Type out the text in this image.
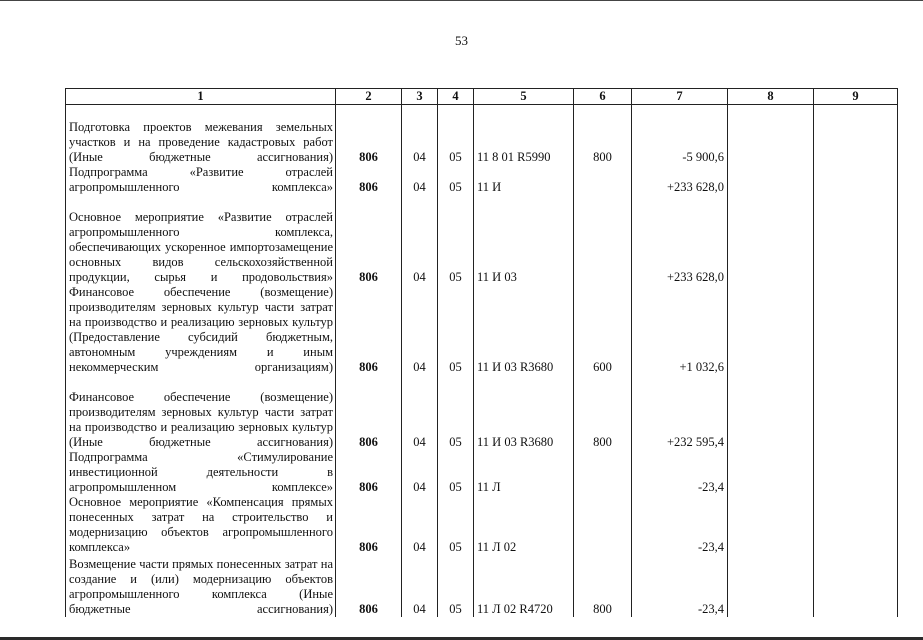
53
1	2	3	4	5	6	7	8	9
Подготовка проектов межевания земельных участков и на проведение кадастровых работ (Иные бюджетные ассигнования)	806	04	05	11 8 01 R5990	800	-5 900,6		
Подпрограмма «Развитие отраслей агропромышленного комплекса»	806	04	05	11 И		+233 628,0		
Основное мероприятие «Развитие отраслей агропромышленного комплекса, обеспечивающих ускоренное импортозамещение основных видов сельскохозяйственной продукции, сырья и продовольствия»	806	04	05	11 И 03		+233 628,0		
Финансовое обеспечение (возмещение) производителям зерновых культур части затрат на производство и реализацию зерновых культур (Предоставление субсидий бюджетным, автономным учреждениям и иным некоммерческим организациям)	806	04	05	11 И 03 R3680	600	+1 032,6		
Финансовое обеспечение (возмещение) производителям зерновых культур части затрат на производство и реализацию зерновых культур (Иные бюджетные ассигнования)	806	04	05	11 И 03 R3680	800	+232 595,4		
Подпрограмма «Стимулирование инвестиционной деятельности в агропромышленном комплексе»	806	04	05	11 Л		-23,4		
Основное мероприятие «Компенсация прямых понесенных затрат на строительство и модернизацию объектов агропромышленного комплекса»	806	04	05	11 Л 02		-23,4		
Возмещение части прямых понесенных затрат на создание и (или) модернизацию объектов агропромышленного комплекса (Иные бюджетные ассигнования)	806	04	05	11 Л 02 R4720	800	-23,4		
